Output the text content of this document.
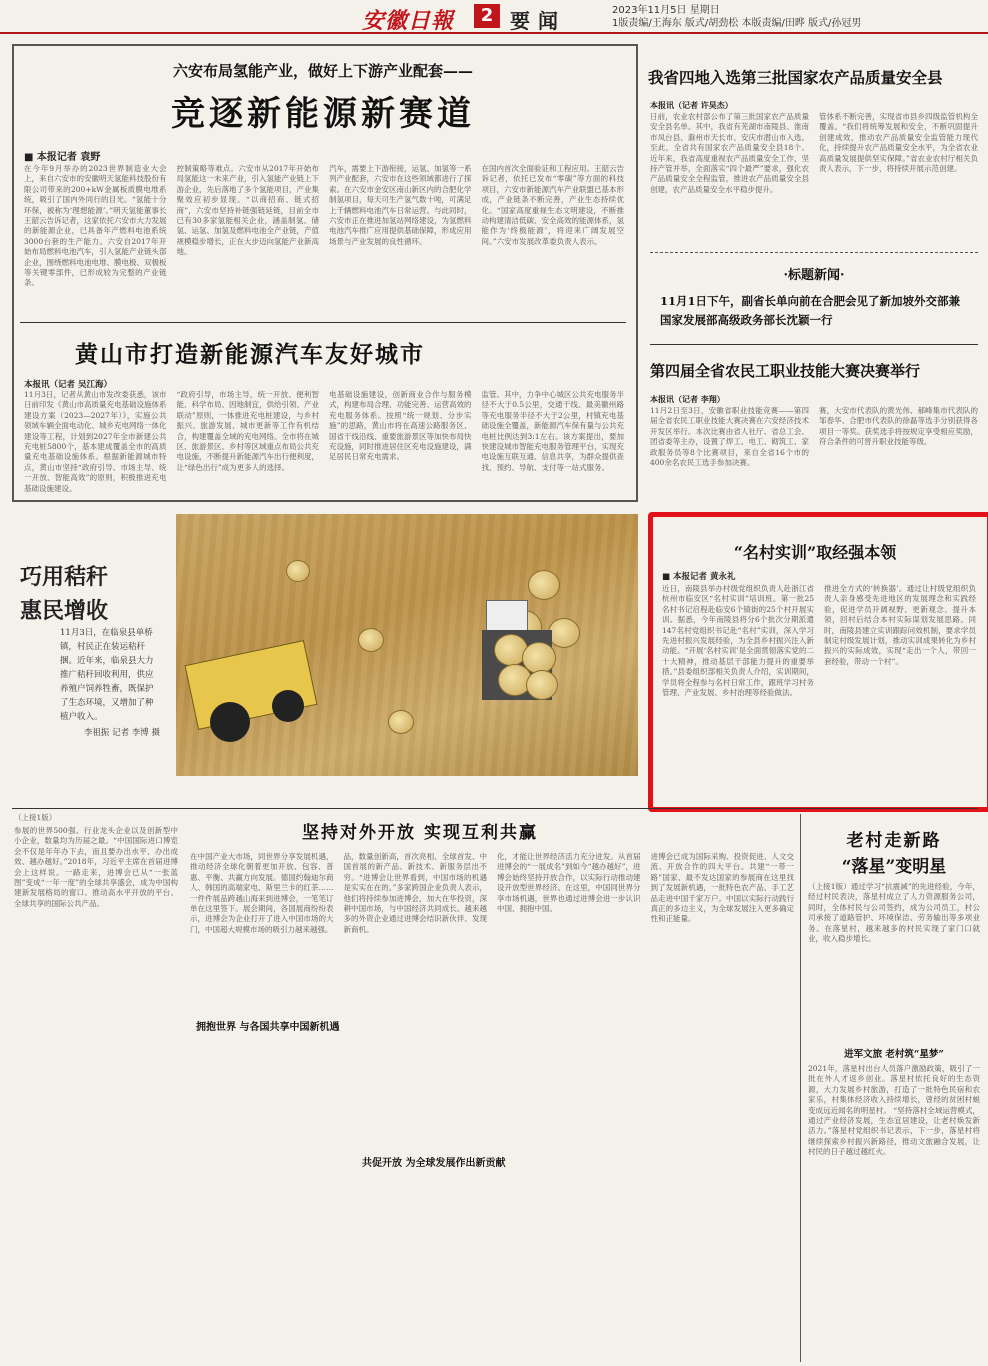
安徽日報	2 要闻	2023年11月5日 星期日
1版责编/王海东 版式/胡劲松 本版责编/田晔 版式/孙冠男
六安布局氢能产业，做好上下游产业配套——
竞逐新能源新赛道
■ 本报记者 袁野
在今年9月举办的2023世界制造业大会上，来自六安市的安徽明天氢能科技股份有限公司带来的200+kW金属板质膜电堆系统，吸引了国内外同行的目光。“氢能十分环保，被称为‘理想能源’。”明天氢能董事长王韶云告诉记者，这家依托六安市大力发展的新能源企业，已具备年产燃料电池系统3000台套的生产能力。六安自2017年开始布局燃料电池汽车，引入氢能产业链头部企业，围绕燃料电池电堆、膜电极、双极板等关键零部件，已形成较为完整的产业链条。
控制策略等难点。六安市从2017年开始布局氢能这一未来产业，引入氢能产业链上下游企业，先后落地了多个氢能项目，产业集聚效应初步显现。“以商招商、链式招商”，六安市坚持补链强链延链，目前全市已有30多家氢能相关企业，涵盖制氢、储氢、运氢、加氢及燃料电池全产业链，产值规模稳步增长，正在大步迈向氢能产业新高地。
汽车，需要上下游衔接，运氢、加氢等一系列产业配套，六安市在这些领域都进行了探索。在六安市金安区南山新区内的合肥化学制氢项目，每天可生产氢气数十吨，可满足上千辆燃料电池汽车日常运营。与此同时，六安市正在推进加氢站网络建设，为氢燃料电池汽车推广应用提供基础保障，形成应用场景与产业发展的良性循环。
在国内首次全面验证和工程应用。王韶云告诉记者，依托已发布“零碳”等方面的科技项目，六安市新能源汽车产业联盟已基本形成，产业链条不断完善，产业生态持续优化。“国家高度重视生态文明建设，不断推动构建清洁低碳、安全高效的能源体系，氢能作为‘终极能源’，将迎来广阔发展空间。”六安市发展改革委负责人表示。
黄山市打造新能源汽车友好城市
本报讯（记者 吴江海）
11月3日，记者从黄山市发改委获悉，该市日前印发《黄山市高质量充电基础设施体系建设方案（2023—2027年）》，实施公共领域车辆全面电动化、城乡充电网络一体化建设等工程，计划到2027年全市新建公共充电桩5800个，基本建成覆盖全市的高质量充电基础设施体系。根据新能源城市特点，黄山市坚持“政府引导、市场主导、统一开放、智能高效”的原则，积极推进充电基础设施建设。
“政府引导，市场主导，统一开放、便利智能、科学布局、因地制宜，供给引领、产业联动”原则，一体推进充电桩建设，与乡村振兴、旅游发展、城市更新等工作有机结合，构建覆盖全域的充电网络。全市将在城区、旅游景区、乡村等区域重点布局公共充电设施，不断提升新能源汽车出行便利度，让“绿色出行”成为更多人的选择。
电基础设施建设，创新商业合作与服务模式，构建布局合理、功能完善、运营高效的充电服务体系。按照“统一规划、分步实施”的思路，黄山市将在高速公路服务区、国省干线沿线、重要旅游景区等加快布局快充设施，同时推进居住区充电设施建设，满足居民日常充电需求。
监管。其中，力争中心城区公共充电服务半径不大于0.5公里，交通干线、最美徽州路等充电服务半径不大于2公里，村镇充电基础设施全覆盖，新能源汽车保有量与公共充电桩比例达到3:1左右。该方案提出，要加快建设城市智能充电服务管理平台，实现充电设施互联互通、信息共享，为群众提供查找、预约、导航、支付等一站式服务。
巧用秸秆
惠民增收
11月3日，在临泉县单桥镇，村民正在装运秸秆捆。近年来，临泉县大力推广秸秆回收利用，供应养殖户饲养牲畜，既保护了生态环境，又增加了种植户收入。
李祖振 记者 李博 摄
我省四地入选第三批国家农产品质量安全县
本报讯（记者 许昊杰）
日前，农业农村部公布了第三批国家农产品质量安全县名单。其中，我省有芜湖市南陵县、淮南市凤台县、滁州市天长市、安庆市潜山市入选。至此，全省共有国家农产品质量安全县18个。近年来，我省高度重视农产品质量安全工作，坚持产管并举，全面落实“四个最严”要求，强化农产品质量安全全程监管，推进农产品质量安全县创建，农产品质量安全水平稳步提升。
管体系不断完善，实现省市县乡四级监管机构全覆盖。“我们将统筹发展和安全，不断巩固提升创建成效，推动农产品质量安全监管能力现代化，持续提升农产品质量安全水平，为全省农业高质量发展提供坚实保障。”省农业农村厅相关负责人表示，下一步，将持续开展示范创建。
·标题新闻·
11月1日下午，副省长单向前在合肥会见了新加坡外交部兼国家发展部高级政务部长沈颖一行
第四届全省农民工职业技能大赛决赛举行
本报讯（记者 李翔）
11月2日至3日，安徽省职业技能竞赛——第四届全省农民工职业技能大赛决赛在六安经济技术开发区举行。本次比赛由省人社厅、省总工会、团省委等主办，设置了焊工、电工、砌筑工、家政服务员等8个比赛项目，来自全省16个市的400余名农民工选手参加决赛。
赛，大安市代表队的黄光伟、郝峰集市代表队的邹春华、合肥市代表队的徐磊等选手分别获得各项目一等奖。获奖选手将按规定享受相应奖励，符合条件的可晋升职业技能等级。
“名村实训”取经强本领
■ 本报记者 黄永礼
近日，南陵县举办村级党组织负责人赴浙江省杭州市临安区“名村实训”培训班。第一批25名村书记启程赴临安6个镇街的25个村开展实训。据悉，今年南陵县将分6个批次分期派遣147名村党组织书记赴“名村”实训，深入学习先进村振兴发展经验，为全县乡村振兴注入新动能。“开展‘名村实训’是全面贯彻落实党的二十大精神，推动基层干部能力提升的重要举措。”县委组织部相关负责人介绍，实训期间，学员将全程参与名村日常工作，跟班学习村务管理、产业发展、乡村治理等经验做法。
推进全方式的‘转换器’。通过让村级党组织负责人亲身感受先进地区的发展理念和实践经验，促进学员开阔视野、更新观念、提升本领，回村后结合本村实际谋划发展思路。同时，南陵县建立实训跟踪问效机制，要求学员制定村级发展计划，推动实训成果转化为乡村振兴的实际成效，实现“走出一个人，带回一套经验，带动一个村”。
（上接1版）
坚持对外开放 实现互利共赢
参展的世界500强、行业龙头企业以及创新型中小企业，数量均为历届之最。“中国国际进口博览会不仅是年年办下去，而且要办出水平、办出成效、越办越好。”2018年，习近平主席在首届进博会上这样说。一路走来，进博会已从“一张蓝图”变成“一年一度”的全球共享盛会，成为中国构建新发展格局的窗口、推动高水平开放的平台、全球共享的国际公共产品。
在中国产业大市场，同世界分享发展机遇，推动经济全球化朝着更加开放、包容、普惠、平衡、共赢方向发展。德国约翰迪尔商人、韩国的高端家电、斯里兰卡的红茶……一件件展品跨越山海来到进博会，一笔笔订单在这里签下。展会期间，各国展商纷纷表示，进博会为企业打开了进入中国市场的大门，中国超大规模市场的吸引力越来越强。
品，数量创新高，首次亮相、全球首发、中国首展的新产品、新技术、新服务层出不穷。“进博会让世界看到，中国市场的机遇是实实在在的。”多家跨国企业负责人表示，他们将持续参加进博会，加大在华投资，深耕中国市场，与中国经济共同成长。越来越多的外资企业通过进博会结识新伙伴、发现新商机。
化，才能让世界经济活力充分迸发。从首届进博会的“一展成名”到如今“越办越好”，进博会始终坚持开放合作，以实际行动推动建设开放型世界经济。在这里，中国同世界分享市场机遇，世界也通过进博会进一步认识中国、拥抱中国。
进博会已成为国际采购、投资促进、人文交流、开放合作的四大平台。共建“一带一路”国家、最不发达国家的参展商在这里找到了发展新机遇，一批特色农产品、手工艺品走进中国千家万户。中国以实际行动践行真正的多边主义，为全球发展注入更多确定性和正能量。
拥抱世界 与各国共享中国新机遇
共促开放 为全球发展作出新贡献
老村走新路
“落星”变明星
（上接1版）通过学习“抗震减”的先进经验，今年，经过村民表决，落星村成立了人力资源服务公司，同时，全体村民与公司签约，成为公司员工，村公司承接了道路管护、环境保洁、劳务输出等多项业务。在落星村，越来越多的村民实现了家门口就业，收入稳步增长。
进军文旅 老村筑“星梦”
2021年，落星村出台人员落户激励政策，吸引了一批在外人才返乡创业。落星村依托良好的生态资源，大力发展乡村旅游，打造了一批特色民宿和农家乐，村集体经济收入持续增长，曾经的贫困村蜕变成远近闻名的明星村。 “坚持落村全域运营模式，通过产业经济发展，生态宜居建设，让老村焕发新活力。”落星村党组织书记表示，下一步，落星村将继续探索乡村振兴新路径，推动文旅融合发展，让村民的日子越过越红火。
